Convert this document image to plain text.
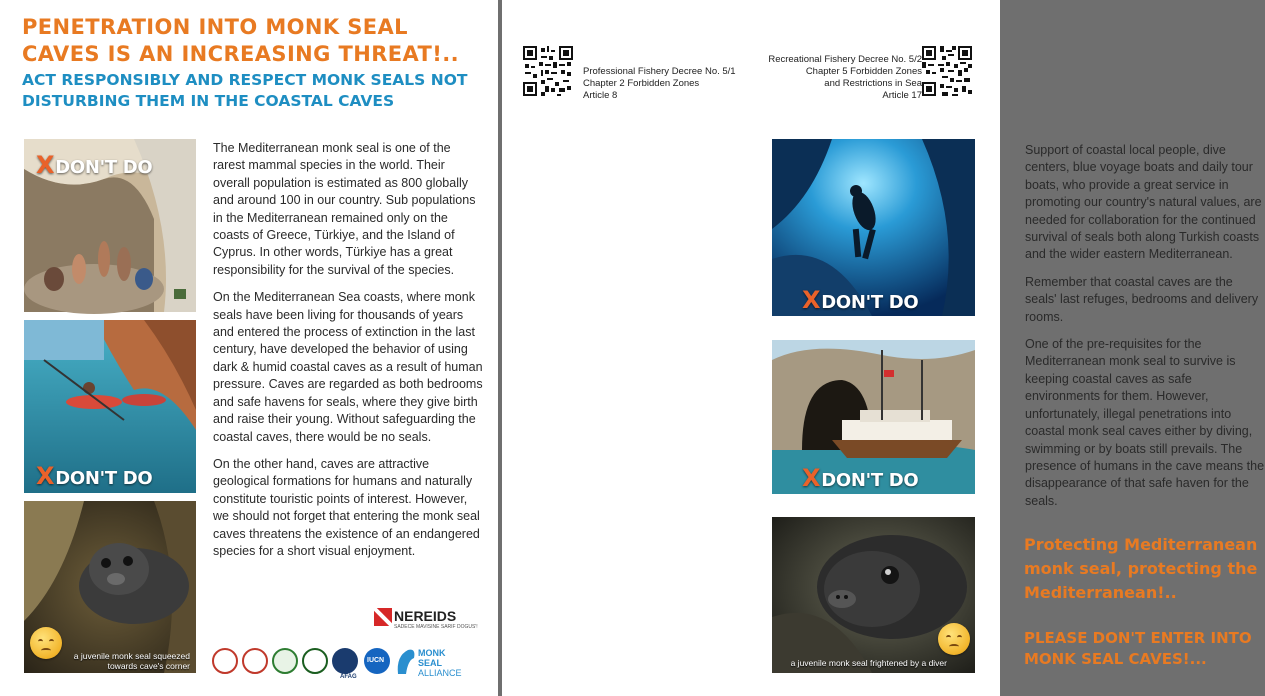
PENETRATION INTO MONK SEAL CAVES IS AN INCREASING THREAT!..
ACT RESPONSIBLY AND RESPECT MONK SEALS NOT DISTURBING THEM IN THE COASTAL CAVES
XDON'T DO
XDON'T DO
a juvenile monk seal squeezed towards cave's corner

The Mediterranean monk seal is one of the rarest mammal species in the world. Their overall population is estimated as 800 globally and around 100 in our country. Sub populations in the Mediterranean remained only on the coasts of Greece, Türkiye, and the Island of Cyprus. In other words, Türkiye has a great responsibility for the survival of the species.

On the Mediterranean Sea coasts, where monk seals have been living for thousands of years and entered the process of extinction in the last century, have developed the behavior of using dark & humid coastal caves as a result of human pressure. Caves are regarded as both bedrooms and safe havens for seals, where they give birth and raise their young. Without safeguarding the coastal caves, there would be no seals.

On the other hand, caves are attractive geological formations for humans and naturally constitute touristic points of interest. However, we should not forget that entering the monk seal caves threatens the existence of an endangered species for a short visual enjoyment.

NEREIDS
SADECE MAVISINE SARIF DOGUS'!
AFAG
IUCN
MONK
SEAL
ALLIANCE
Professional Fishery Decree No. 5/1
Chapter 2 Forbidden Zones
Article 8
Recreational Fishery Decree No. 5/2
Chapter 5 Forbidden Zones
and Restrictions in Sea
Article 17

Support of coastal local people, dive centers, blue voyage boats and daily tour boats, who provide a great service in promoting our country's natural values, are needed for collaboration for the continued survival of seals both along Turkish coasts and the wider eastern Mediterranean.

Remember that coastal caves are the seals' last refuges, bedrooms and delivery rooms.

One of the pre-requisites for the Mediterranean monk seal to survive is keeping coastal caves as safe environments for them. However, unfortunately, illegal penetrations into coastal monk seal caves either by diving, swimming or by boats still prevails. The presence of humans in the cave means the disappearance of that safe haven for the seals.

Protecting Mediterranean monk seal, protecting the Mediterranean!..
PLEASE DON'T ENTER INTO MONK SEAL CAVES!...
XDON'T DO
XDON'T DO
a juvenile monk seal frightened by a diver
